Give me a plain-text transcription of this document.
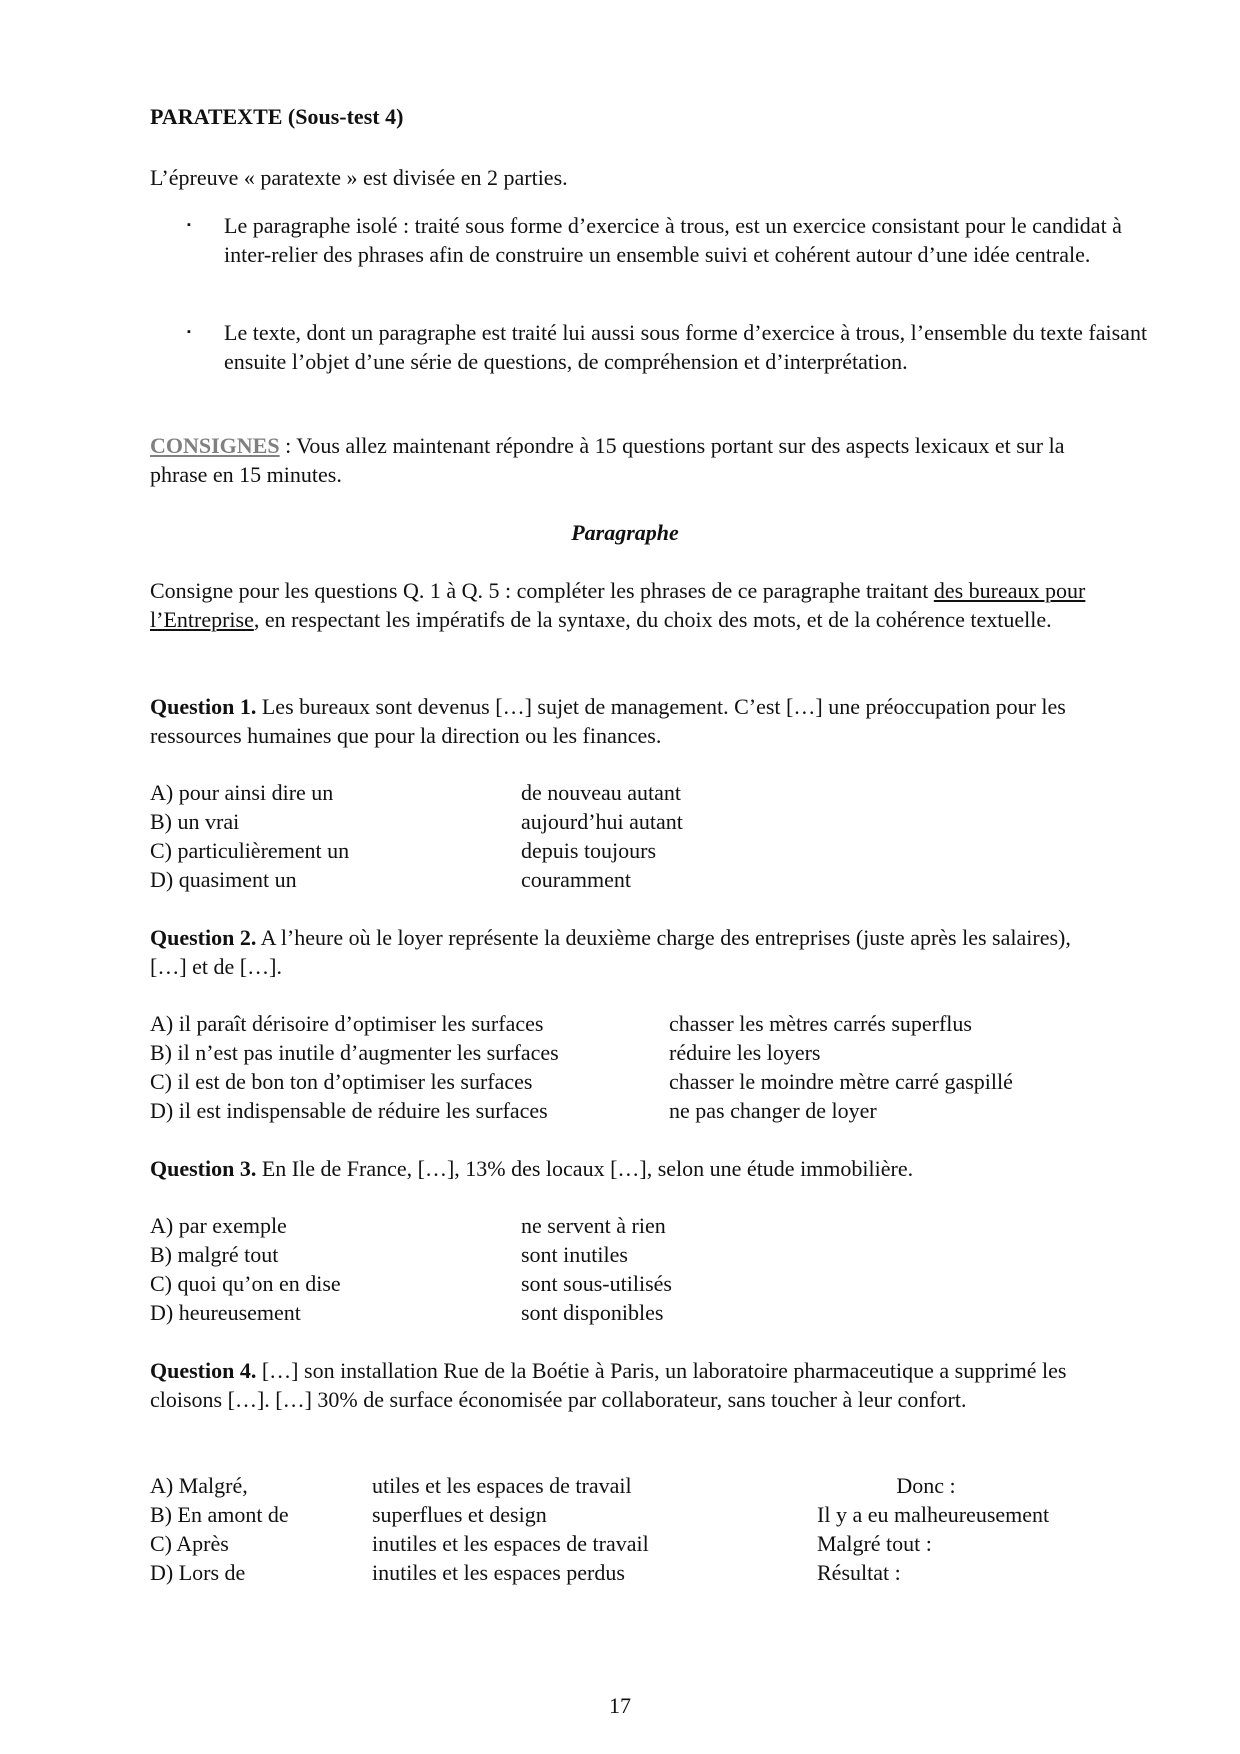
PARATEXTE (Sous-test 4)
L’épreuve « paratexte » est divisée en 2 parties.
▪ Le paragraphe isolé : traité sous forme d’exercice à trous, est un exercice consistant pour le candidat à inter-relier des phrases afin de construire un ensemble suivi et cohérent autour d’une idée centrale.
▪ Le texte, dont un paragraphe est traité lui aussi sous forme d’exercice à trous, l’ensemble du texte faisant ensuite l’objet d’une série de questions, de compréhension et d’interprétation.
CONSIGNES : Vous allez maintenant répondre à 15 questions portant sur des aspects lexicaux et sur la phrase en 15 minutes.
Paragraphe
Consigne pour les questions Q. 1 à Q. 5 : compléter les phrases de ce paragraphe traitant des bureaux pour l’Entreprise, en respectant les impératifs de la syntaxe, du choix des mots, et de la cohérence textuelle.
Question 1. Les bureaux sont devenus […] sujet de management. C’est […] une préoccupation pour les ressources humaines que pour la direction ou les finances.
A) pour ainsi dire un	de nouveau autant
B) un vrai	aujourd’hui autant
C) particulièrement un	depuis toujours
D) quasiment un	couramment
Question 2. A l’heure où le loyer représente la deuxième charge des entreprises (juste après les salaires), […] et de […].
A) il paraît dérisoire d’optimiser les surfaces	chasser les mètres carrés superflus
B) il n’est pas inutile d’augmenter les surfaces	réduire les loyers
C) il est de bon ton d’optimiser les surfaces	chasser le moindre mètre carré gaspillé
D) il est indispensable de réduire les surfaces	ne pas changer de loyer
Question 3. En Ile de France, […], 13% des locaux […], selon une étude immobilière.
A) par exemple	ne servent à rien
B) malgré tout	sont inutiles
C) quoi qu’on en dise	sont sous-utilisés
D) heureusement	sont disponibles
Question 4. […] son installation Rue de la Boétie à Paris, un laboratoire pharmaceutique a supprimé les cloisons […]. […] 30% de surface économisée par collaborateur, sans toucher à leur confort.
A) Malgré,	utiles et les espaces de travail	Donc :
B) En amont de	superflues et design	Il y a eu malheureusement
C) Après	inutiles et les espaces de travail	Malgré tout :
D) Lors de	inutiles et les espaces perdus	Résultat :
17
